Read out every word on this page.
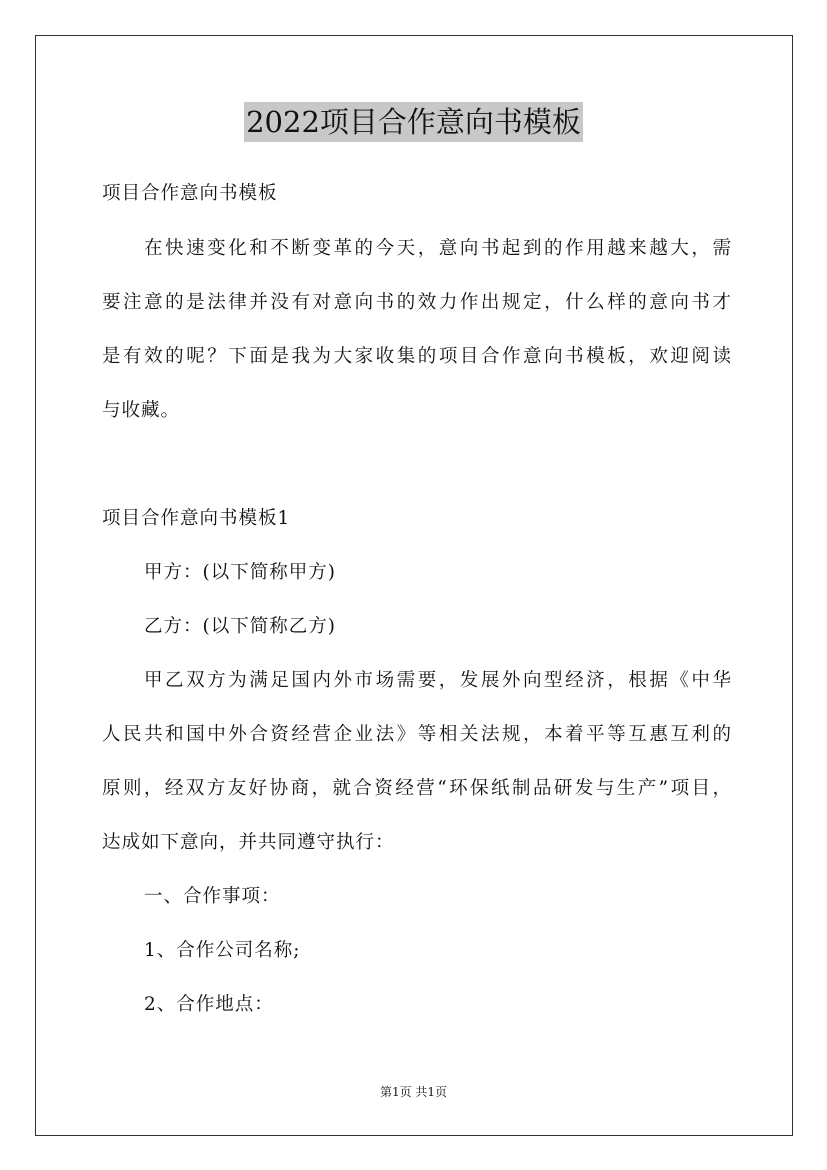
2022项目合作意向书模板
项目合作意向书模板
在快速变化和不断变革的今天，意向书起到的作用越来越大，需
要注意的是法律并没有对意向书的效力作出规定，什么样的意向书才
是有效的呢？下面是我为大家收集的项目合作意向书模板，欢迎阅读
与收藏。
项目合作意向书模板1
甲方：(以下简称甲方)
乙方：(以下简称乙方)
甲乙双方为满足国内外市场需要，发展外向型经济，根据《中华
人民共和国中外合资经营企业法》等相关法规，本着平等互惠互利的
原则，经双方友好协商，就合资经营“环保纸制品研发与生产”项目，
达成如下意向，并共同遵守执行：
一、合作事项：
1、合作公司名称;
2、合作地点：
第1页 共1页
